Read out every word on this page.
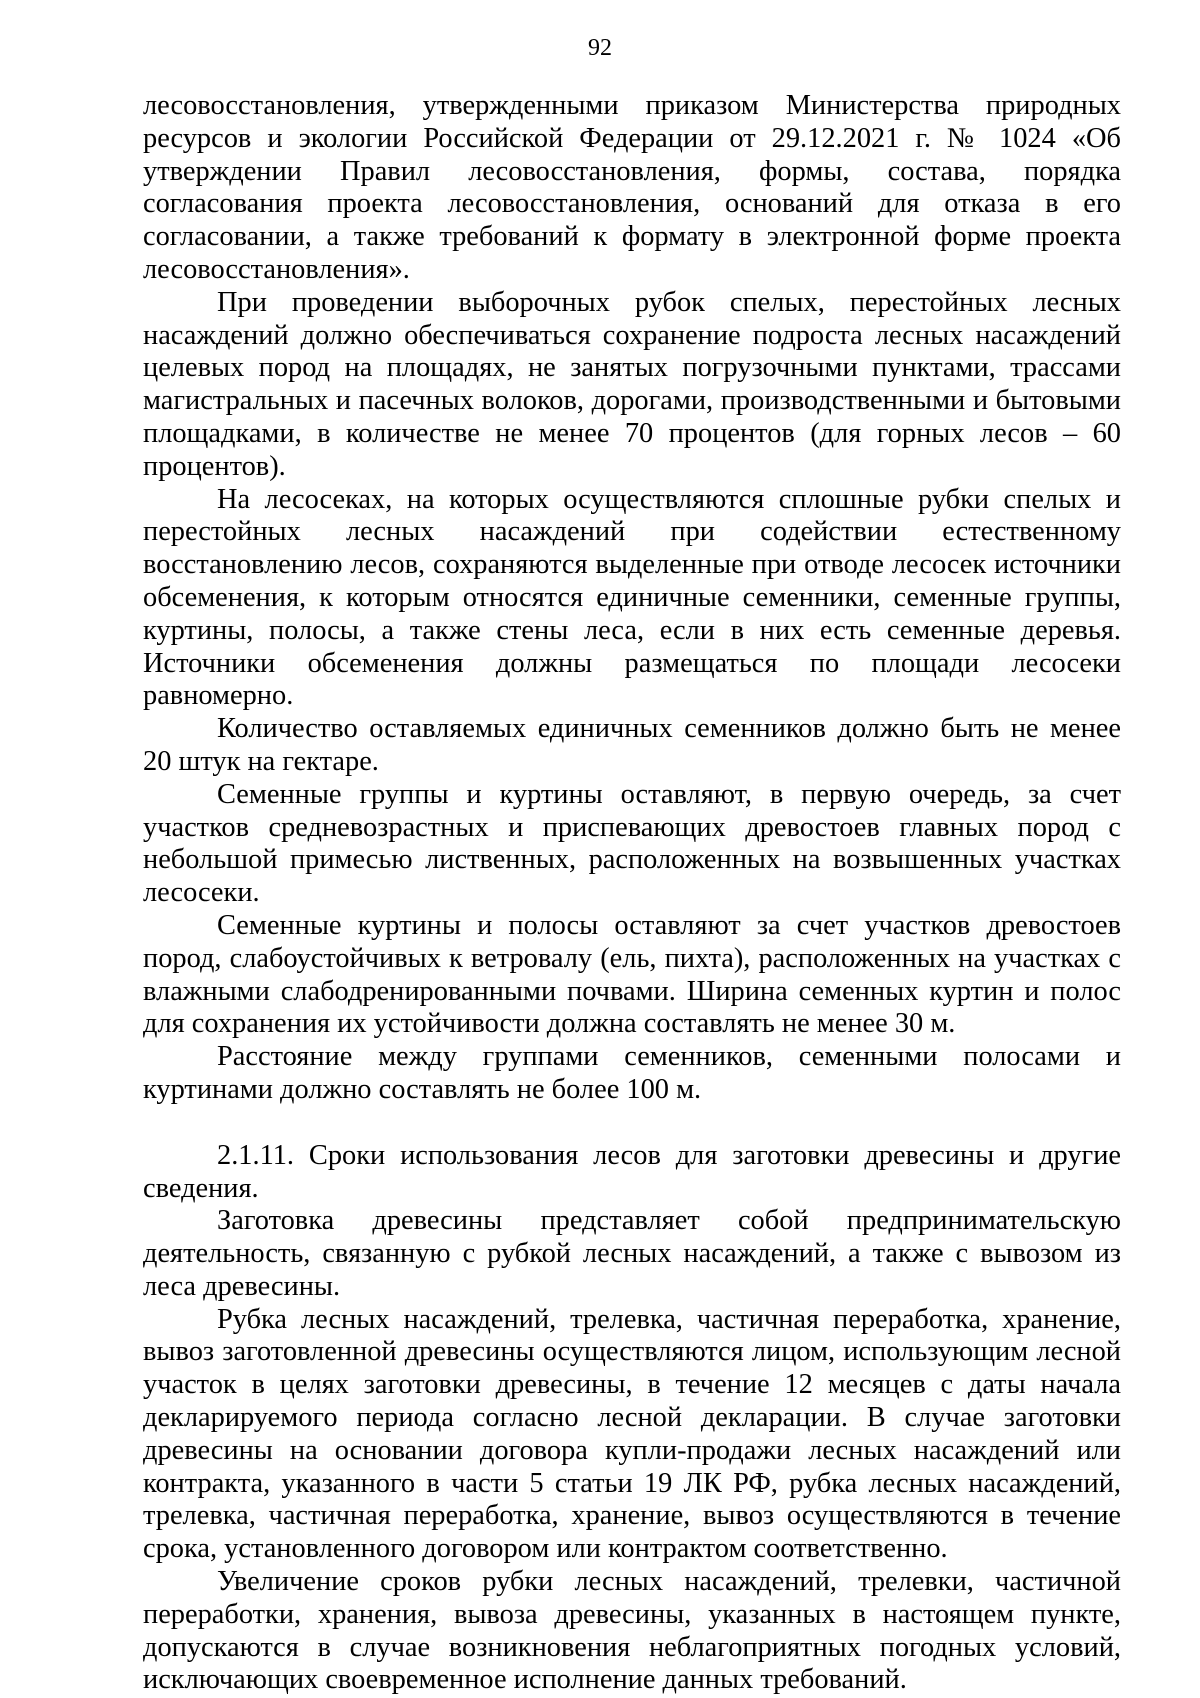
92

лесовосстановления, утвержденными приказом Министерства природных ресурсов и экологии Российской Федерации от 29.12.2021 г. № 1024 «Об утверждении Правил лесовосстановления, формы, состава, порядка согласования проекта лесовосстановления, оснований для отказа в его согласовании, а также требований к формату в электронной форме проекта лесовосстановления».

При проведении выборочных рубок спелых, перестойных лесных насаждений должно обеспечиваться сохранение подроста лесных насаждений целевых пород на площадях, не занятых погрузочными пунктами, трассами магистральных и пасечных волоков, дорогами, производственными и бытовыми площадками, в количестве не менее 70 процентов (для горных лесов – 60 процентов).

На лесосеках, на которых осуществляются сплошные рубки спелых и перестойных лесных насаждений при содействии естественному восстановлению лесов, сохраняются выделенные при отводе лесосек источники обсеменения, к которым относятся единичные семенники, семенные группы, куртины, полосы, а также стены леса, если в них есть семенные деревья. Источники обсеменения должны размещаться по площади лесосеки равномерно.

Количество оставляемых единичных семенников должно быть не менее 20 штук на гектаре.

Семенные группы и куртины оставляют, в первую очередь, за счет участков средневозрастных и приспевающих древостоев главных пород с небольшой примесью лиственных, расположенных на возвышенных участках лесосеки.

Семенные куртины и полосы оставляют за счет участков древостоев пород, слабоустойчивых к ветровалу (ель, пихта), расположенных на участках с влажными слабодренированными почвами. Ширина семенных куртин и полос для сохранения их устойчивости должна составлять не менее 30 м.

Расстояние между группами семенников, семенными полосами и куртинами должно составлять не более 100 м.

2.1.11. Сроки использования лесов для заготовки древесины и другие сведения.

Заготовка древесины представляет собой предпринимательскую деятельность, связанную с рубкой лесных насаждений, а также с вывозом из леса древесины.

Рубка лесных насаждений, трелевка, частичная переработка, хранение, вывоз заготовленной древесины осуществляются лицом, использующим лесной участок в целях заготовки древесины, в течение 12 месяцев с даты начала декларируемого периода согласно лесной декларации. В случае заготовки древесины на основании договора купли-продажи лесных насаждений или контракта, указанного в части 5 статьи 19 ЛК РФ, рубка лесных насаждений, трелевка, частичная переработка, хранение, вывоз осуществляются в течение срока, установленного договором или контрактом соответственно.

Увеличение сроков рубки лесных насаждений, трелевки, частичной переработки, хранения, вывоза древесины, указанных в настоящем пункте, допускаются в случае возникновения неблагоприятных погодных условий, исключающих своевременное исполнение данных требований.
